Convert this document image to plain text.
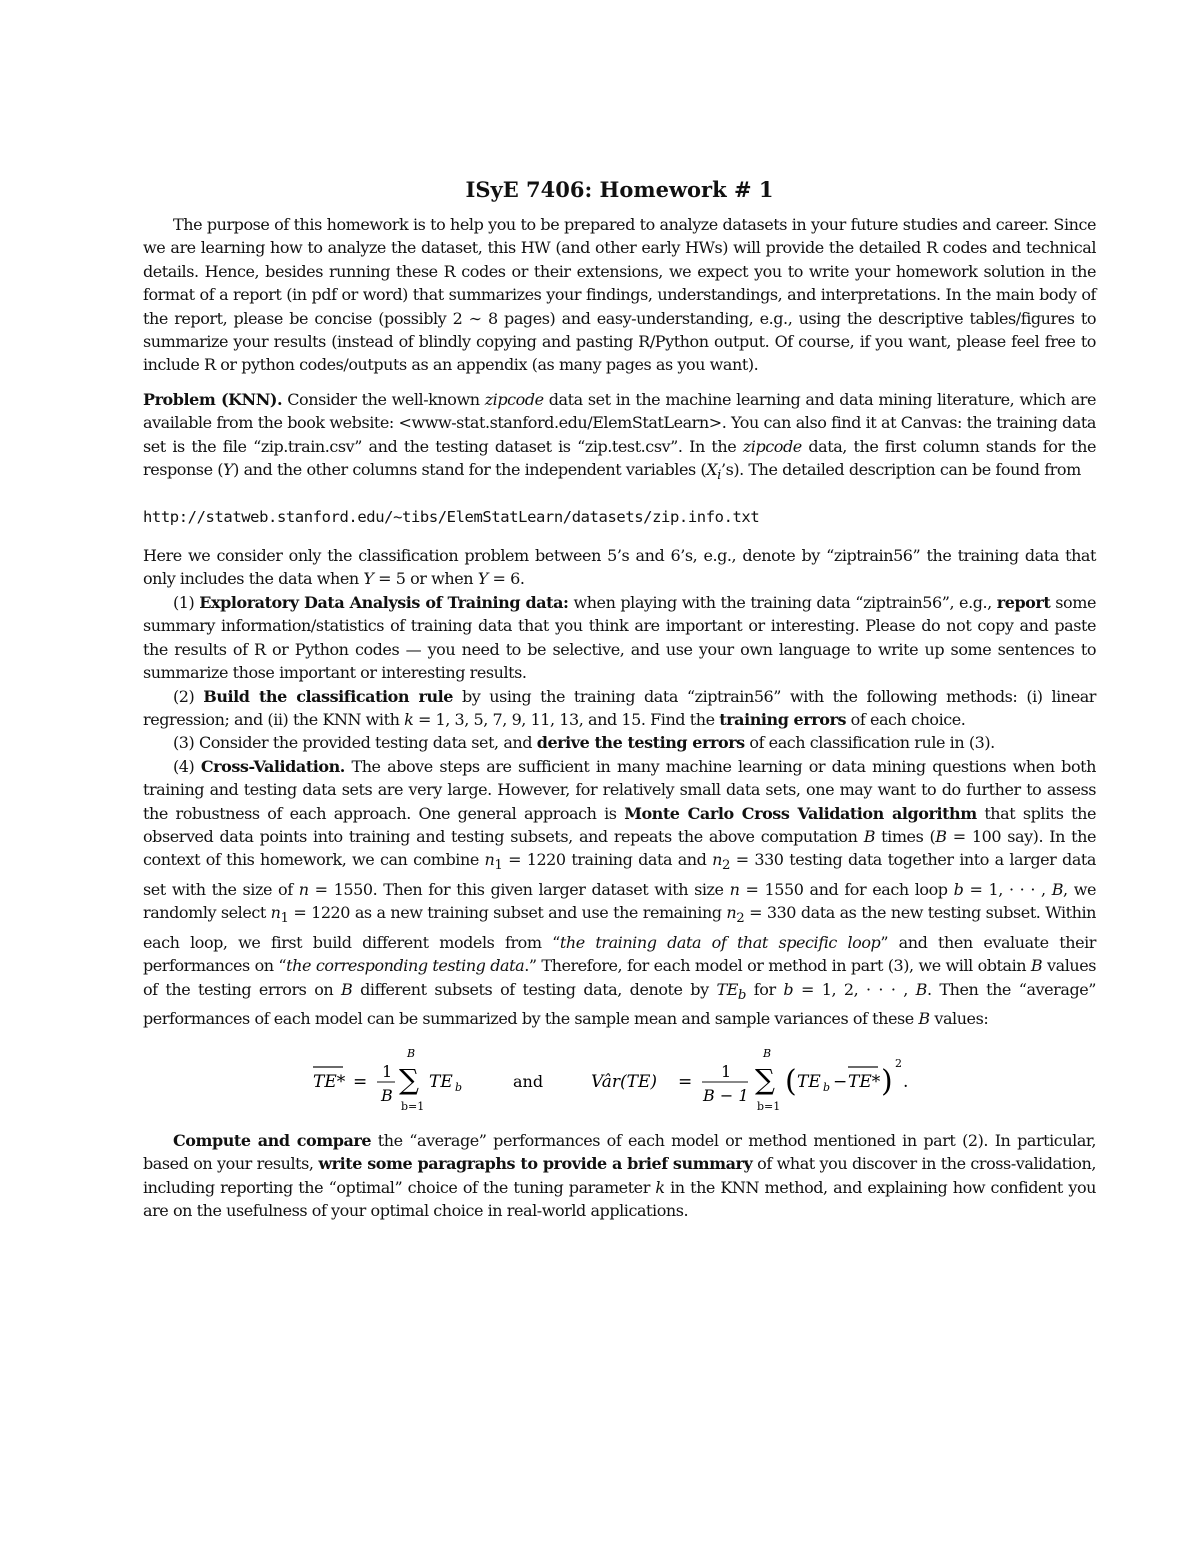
ISyE 7406: Homework # 1

The purpose of this homework is to help you to be prepared to analyze datasets in your future studies and career. Since we are learning how to analyze the dataset, this HW (and other early HWs) will provide the detailed R codes and technical details. Hence, besides running these R codes or their extensions, we expect you to write your homework solution in the format of a report (in pdf or word) that summarizes your findings, understandings, and interpretations. In the main body of the report, please be concise (possibly 2 ∼ 8 pages) and easy-understanding, e.g., using the descriptive tables/figures to summarize your results (instead of blindly copying and pasting R/Python output. Of course, if you want, please feel free to include R or python codes/outputs as an appendix (as many pages as you want).

Problem (KNN). Consider the well-known zipcode data set in the machine learning and data mining literature, which are available from the book website: <www-stat.stanford.edu/ElemStatLearn>. You can also find it at Canvas: the training data set is the file “zip.train.csv” and the testing dataset is “zip.test.csv”. In the zipcode data, the first column stands for the response (Y) and the other columns stand for the independent variables $(X_i’s)$. The detailed description can be found from

http://statweb.stanford.edu/~tibs/ElemStatLearn/datasets/zip.info.txt

Here we consider only the classification problem between 5’s and 6’s, e.g., denote by “ziptrain56” the training data that only includes the data when Y = 5 or when Y = 6.

(1) Exploratory Data Analysis of Training data: when playing with the training data “ziptrain56”, e.g., report some summary information/statistics of training data that you think are important or interesting. Please do not copy and paste the results of R or Python codes — you need to be selective, and use your own language to write up some sentences to summarize those important or interesting results.

(2) Build the classification rule by using the training data “ziptrain56” with the following methods: (i) linear regression; and (ii) the KNN with k = 1, 3, 5, 7, 9, 11, 13, and 15. Find the training errors of each choice.

(3) Consider the provided testing data set, and derive the testing errors of each classification rule in (3).

(4) Cross-Validation. The above steps are sufficient in many machine learning or data mining questions when both training and testing data sets are very large. However, for relatively small data sets, one may want to do further to assess the robustness of each approach. One general approach is Monte Carlo Cross Validation algorithm that splits the observed data points into training and testing subsets, and repeats the above computation B times (B = 100 say). In the context of this homework, we can combine $n_1 = 1220$ training data and $n_2 = 330$ testing data together into a larger data set with the size of n = 1550. Then for this given larger dataset with size n = 1550 and for each loop b = 1, · · · , B, we randomly select $n_1 = 1220$ as a new training subset and use the remaining $n_2 = 330$ data as the new testing subset. Within each loop, we first build different models from “the training data of that specific loop” and then evaluate their performances on “the corresponding testing data.” Therefore, for each model or method in part (3), we will obtain B values of the testing errors on B different subsets of testing data, denote by $TE_b$ for b = 1, 2, · · · , B. Then the “average” performances of each model can be summarized by the sample mean and sample variances of these B values:

TE* =
1
B
B
∑
b=1
TE b	and	Vâr(TE) =
1
B − 1
B
∑
b=1
( TE b − TE* )
2
.

Compute and compare the “average” performances of each model or method mentioned in part (2). In particular, based on your results, write some paragraphs to provide a brief summary of what you discover in the cross-validation, including reporting the “optimal” choice of the tuning parameter k in the KNN method, and explaining how confident you are on the usefulness of your optimal choice in real-world applications.
